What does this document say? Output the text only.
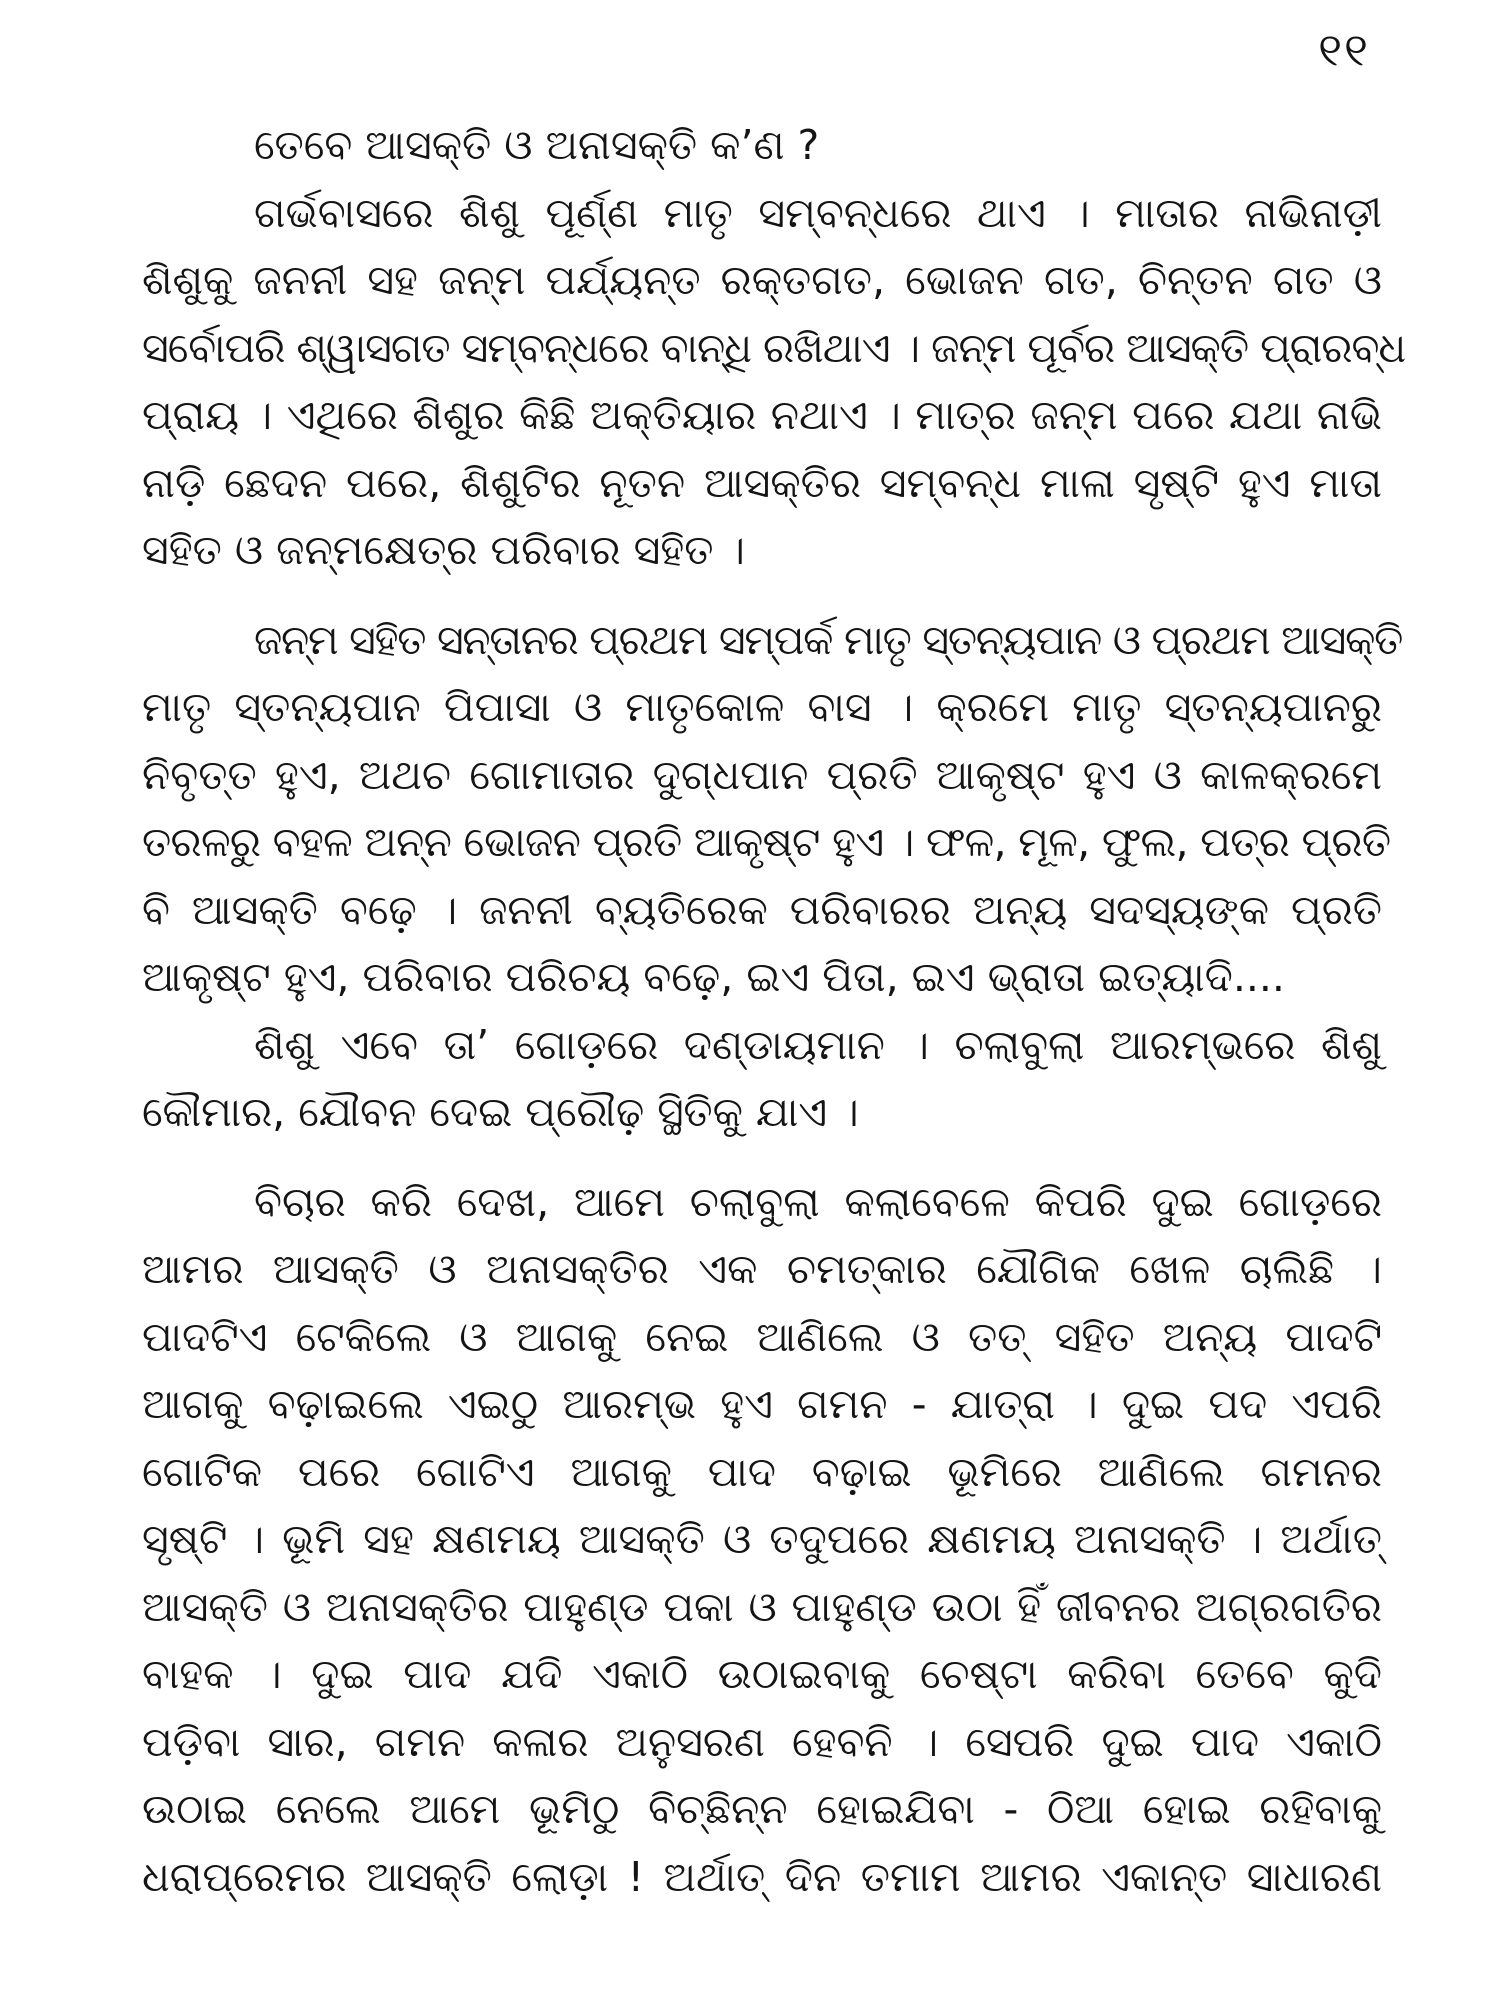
୧୧

ତେବେ ଆସକ୍ତି ଓ ଅନାସକ୍ତି କ’ଣ ?

ଗର୍ଭବାସରେ ଶିଶୁ ପୂର୍ଣ୍ଣ ମାତୃ ସମ୍ବନ୍ଧରେ ଥାଏ । ମାତାର ନାଭିନାଡ଼ୀ
ଶିଶୁକୁ ଜନନୀ ସହ ଜନ୍ମ ପର୍ଯ୍ୟନ୍ତ ରକ୍ତଗତ, ଭୋଜନ ଗତ, ଚିନ୍ତନ ଗତ ଓ
ସର୍ବୋପରି ଶ୍ୱାସଗତ ସମ୍ବନ୍ଧରେ ବାନ୍ଧି ରଖିଥାଏ । ଜନ୍ମ ପୂର୍ବର ଆସକ୍ତି ପ୍ରାରବ୍ଧ
ପ୍ରାୟ । ଏଥିରେ ଶିଶୁର କିଛି ଅକ୍ତିୟାର ନଥାଏ । ମାତ୍ର ଜନ୍ମ ପରେ ଯଥା ନାଭି
ନାଡ଼ି ଛେଦନ ପରେ, ଶିଶୁଟିର ନୂତନ ଆସକ୍ତିର ସମ୍ବନ୍ଧ ମାଳା ସୃଷ୍ଟି ହୁଏ ମାତା
ସହିତ ଓ ଜନ୍ମକ୍ଷେତ୍ର ପରିବାର ସହିତ ।

ଜନ୍ମ ସହିତ ସନ୍ତାନର ପ୍ରଥମ ସମ୍ପର୍କ ମାତୃ ସ୍ତନ୍ୟପାନ ଓ ପ୍ରଥମ ଆସକ୍ତି
ମାତୃ ସ୍ତନ୍ୟପାନ ପିପାସା ଓ ମାତୃକୋଳ ବାସ । କ୍ରମେ ମାତୃ ସ୍ତନ୍ୟପାନରୁ
ନିବୃତ୍ତ ହୁଏ, ଅଥଚ ଗୋମାତାର ଦୁଗ୍ଧପାନ ପ୍ରତି ଆକୃଷ୍ଟ ହୁଏ ଓ କାଳକ୍ରମେ
ତରଳରୁ ବହଳ ଅନ୍ନ ଭୋଜନ ପ୍ରତି ଆକୃଷ୍ଟ ହୁଏ । ଫଳ, ମୂଳ, ଫୁଲ, ପତ୍ର ପ୍ରତି
ବି ଆସକ୍ତି ବଢ଼େ । ଜନନୀ ବ୍ୟତିରେକ ପରିବାରର ଅନ୍ୟ ସଦସ୍ୟଙ୍କ ପ୍ରତି
ଆକୃଷ୍ଟ ହୁଏ, ପରିବାର ପରିଚୟ ବଢ଼େ, ଇଏ ପିତା, ଇଏ ଭ୍ରାତା ଇତ୍ୟାଦି....

ଶିଶୁ ଏବେ ତା’ ଗୋଡ଼ରେ ଦଣ୍ଡାୟମାନ । ଚଲାବୁଲା ଆରମ୍ଭରେ ଶିଶୁ
କୌମାର, ଯୌବନ ଦେଇ ପ୍ରୌଢ଼ ସ୍ଥିତିକୁ ଯାଏ ।

ବିଚାର କରି ଦେଖ, ଆମେ ଚଲାବୁଲା କଲାବେଳେ କିପରି ଦୁଇ ଗୋଡ଼ରେ
ଆମର ଆସକ୍ତି ଓ ଅନାସକ୍ତିର ଏକ ଚମତ୍କାର ଯୌଗିକ ଖେଳ ଚାଲିଛି ।
ପାଦଟିଏ ଟେକିଲେ ଓ ଆଗକୁ ନେଇ ଆଣିଲେ ଓ ତତ୍ ସହିତ ଅନ୍ୟ ପାଦଟି
ଆଗକୁ ବଢ଼ାଇଲେ ଏଇଠୁ ଆରମ୍ଭ ହୁଏ ଗମନ - ଯାତ୍ରା । ଦୁଇ ପଦ ଏପରି
ଗୋଟିକ ପରେ ଗୋଟିଏ ଆଗକୁ ପାଦ ବଢ଼ାଇ ଭୂମିରେ ଆଣିଲେ ଗମନର
ସୃଷ୍ଟି । ଭୂମି ସହ କ୍ଷଣମୟ ଆସକ୍ତି ଓ ତଦୁପରେ କ୍ଷଣମୟ ଅନାସକ୍ତି । ଅର୍ଥାତ୍
ଆସକ୍ତି ଓ ଅନାସକ୍ତିର ପାହୁଣ୍ଡ ପକା ଓ ପାହୁଣ୍ଡ ଉଠା ହିଁ ଜୀବନର ଅଗ୍ରଗତିର
ବାହକ । ଦୁଇ ପାଦ ଯଦି ଏକାଠି ଉଠାଇବାକୁ ଚେଷ୍ଟା କରିବା ତେବେ କୁଦି
ପଡ଼ିବା ସାର, ଗମନ କଳାର ଅନୁସରଣ ହେବନି । ସେପରି ଦୁଇ ପାଦ ଏକାଠି
ଉଠାଇ ନେଲେ ଆମେ ଭୂମିଠୁ ବିଚ୍ଛିନ୍ନ ହୋଇଯିବା - ଠିଆ ହୋଇ ରହିବାକୁ
ଧରାପ୍ରେମର ଆସକ୍ତି ଲୋଡ଼ା ! ଅର୍ଥାତ୍ ଦିନ ତମାମ ଆମର ଏକାନ୍ତ ସାଧାରଣ
